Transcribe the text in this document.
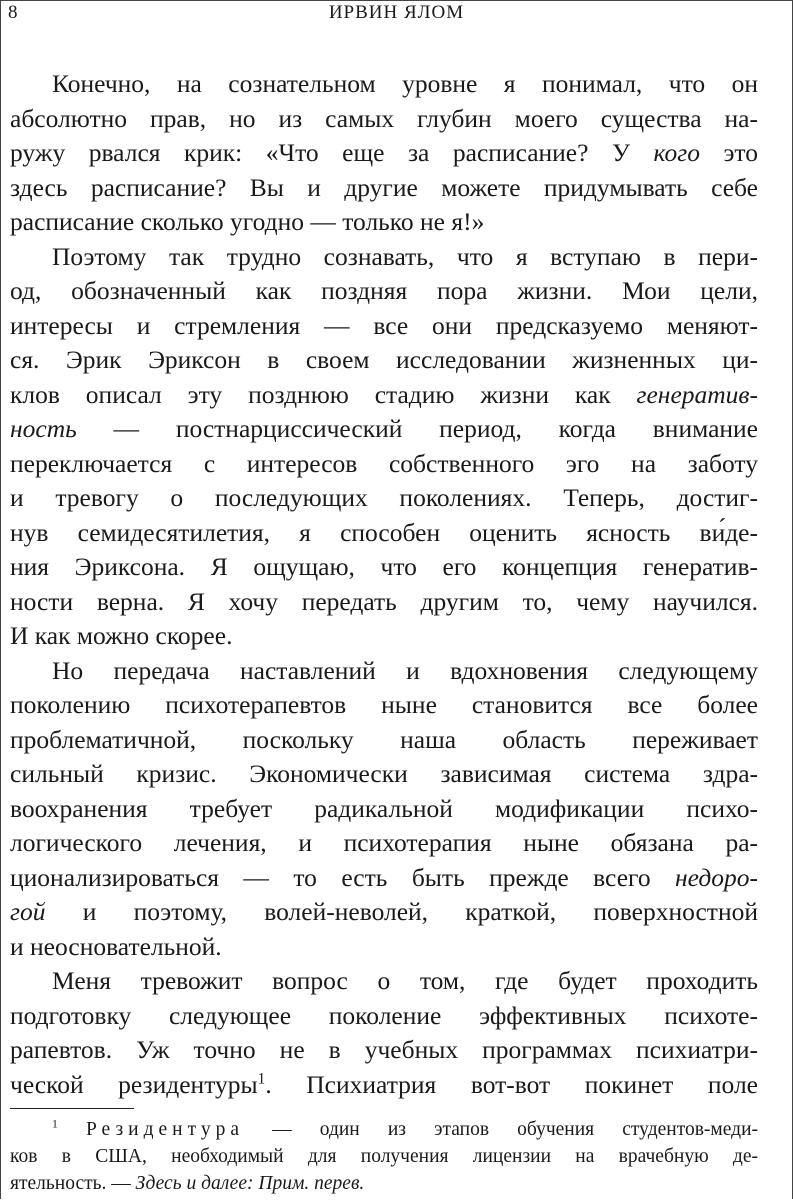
8	ИРВИН ЯЛОМ
Конечно, на сознательном уровне я понимал, что он
абсолютно прав, но из самых глубин моего существа на-
ружу рвался крик: «Что еще за расписание? У кого это
здесь расписание? Вы и другие можете придумывать себе
расписание сколько угодно — только не я!»
Поэтому так трудно сознавать, что я вступаю в пери-
од, обозначенный как поздняя пора жизни. Мои цели,
интересы и стремления — все они предсказуемо меняют-
ся. Эрик Эриксон в своем исследовании жизненных ци-
клов описал эту позднюю стадию жизни как генератив-
ность — постнарциссический период, когда внимание
переключается с интересов собственного эго на заботу
и тревогу о последующих поколениях. Теперь, достиг-
нув семидесятилетия, я способен оценить ясность ви́де-
ния Эриксона. Я ощущаю, что его концепция генератив-
ности верна. Я хочу передать другим то, чему научился.
И как можно скорее.
Но передача наставлений и вдохновения следующему
поколению психотерапевтов ныне становится все более
проблематичной, поскольку наша область переживает
сильный кризис. Экономически зависимая система здра-
воохранения требует радикальной модификации психо-
логического лечения, и психотерапия ныне обязана ра-
ционализироваться — то есть быть прежде всего недоро-
гой и поэтому, волей-неволей, краткой, поверхностной
и неосновательной.
Меня тревожит вопрос о том, где будет проходить
подготовку следующее поколение эффективных психоте-
рапевтов. Уж точно не в учебных программах психиатри-
ческой резидентуры$^1$. Психиатрия вот-вот покинет поле
$^1$ Резидентура — один из этапов обучения студентов-меди-
ков в США, необходимый для получения лицензии на врачебную де-
ятельность. — Здесь и далее: Прим. перев.
